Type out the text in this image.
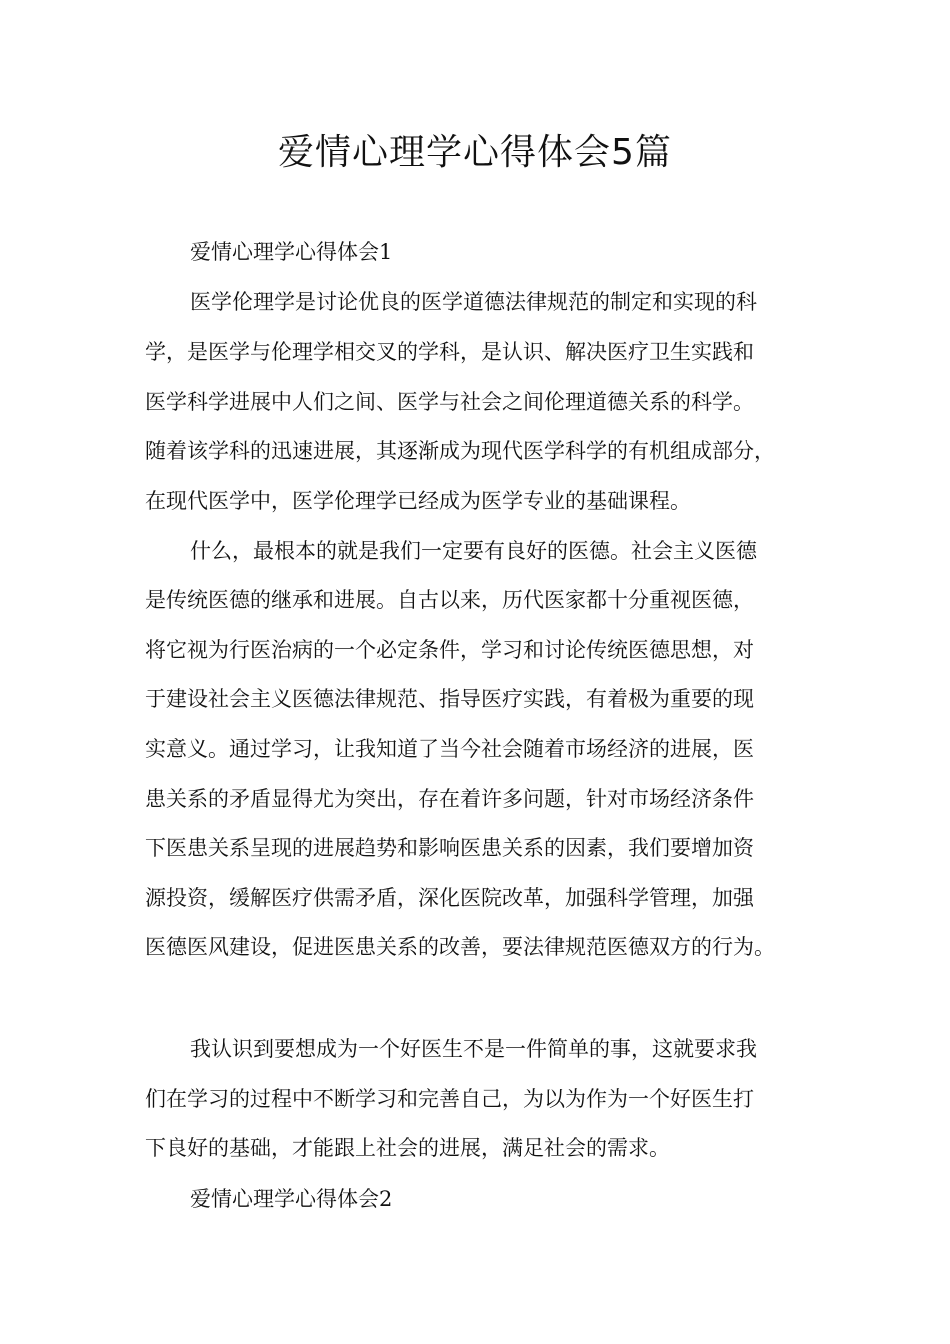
爱情心理学心得体会5篇
爱情心理学心得体会1
医学伦理学是讨论优良的医学道德法律规范的制定和实现的科
学，是医学与伦理学相交叉的学科，是认识、解决医疗卫生实践和
医学科学进展中人们之间、医学与社会之间伦理道德关系的科学。
随着该学科的迅速进展，其逐渐成为现代医学科学的有机组成部分，
在现代医学中，医学伦理学已经成为医学专业的基础课程。
什么，最根本的就是我们一定要有良好的医德。社会主义医德
是传统医德的继承和进展。自古以来，历代医家都十分重视医德，
将它视为行医治病的一个必定条件，学习和讨论传统医德思想，对
于建设社会主义医德法律规范、指导医疗实践，有着极为重要的现
实意义。通过学习，让我知道了当今社会随着市场经济的进展，医
患关系的矛盾显得尤为突出，存在着许多问题，针对市场经济条件
下医患关系呈现的进展趋势和影响医患关系的因素，我们要增加资
源投资，缓解医疗供需矛盾，深化医院改革，加强科学管理，加强
医德医风建设，促进医患关系的改善，要法律规范医德双方的行为。
我认识到要想成为一个好医生不是一件简单的事，这就要求我
们在学习的过程中不断学习和完善自己，为以为作为一个好医生打
下良好的基础，才能跟上社会的进展，满足社会的需求。
爱情心理学心得体会2
